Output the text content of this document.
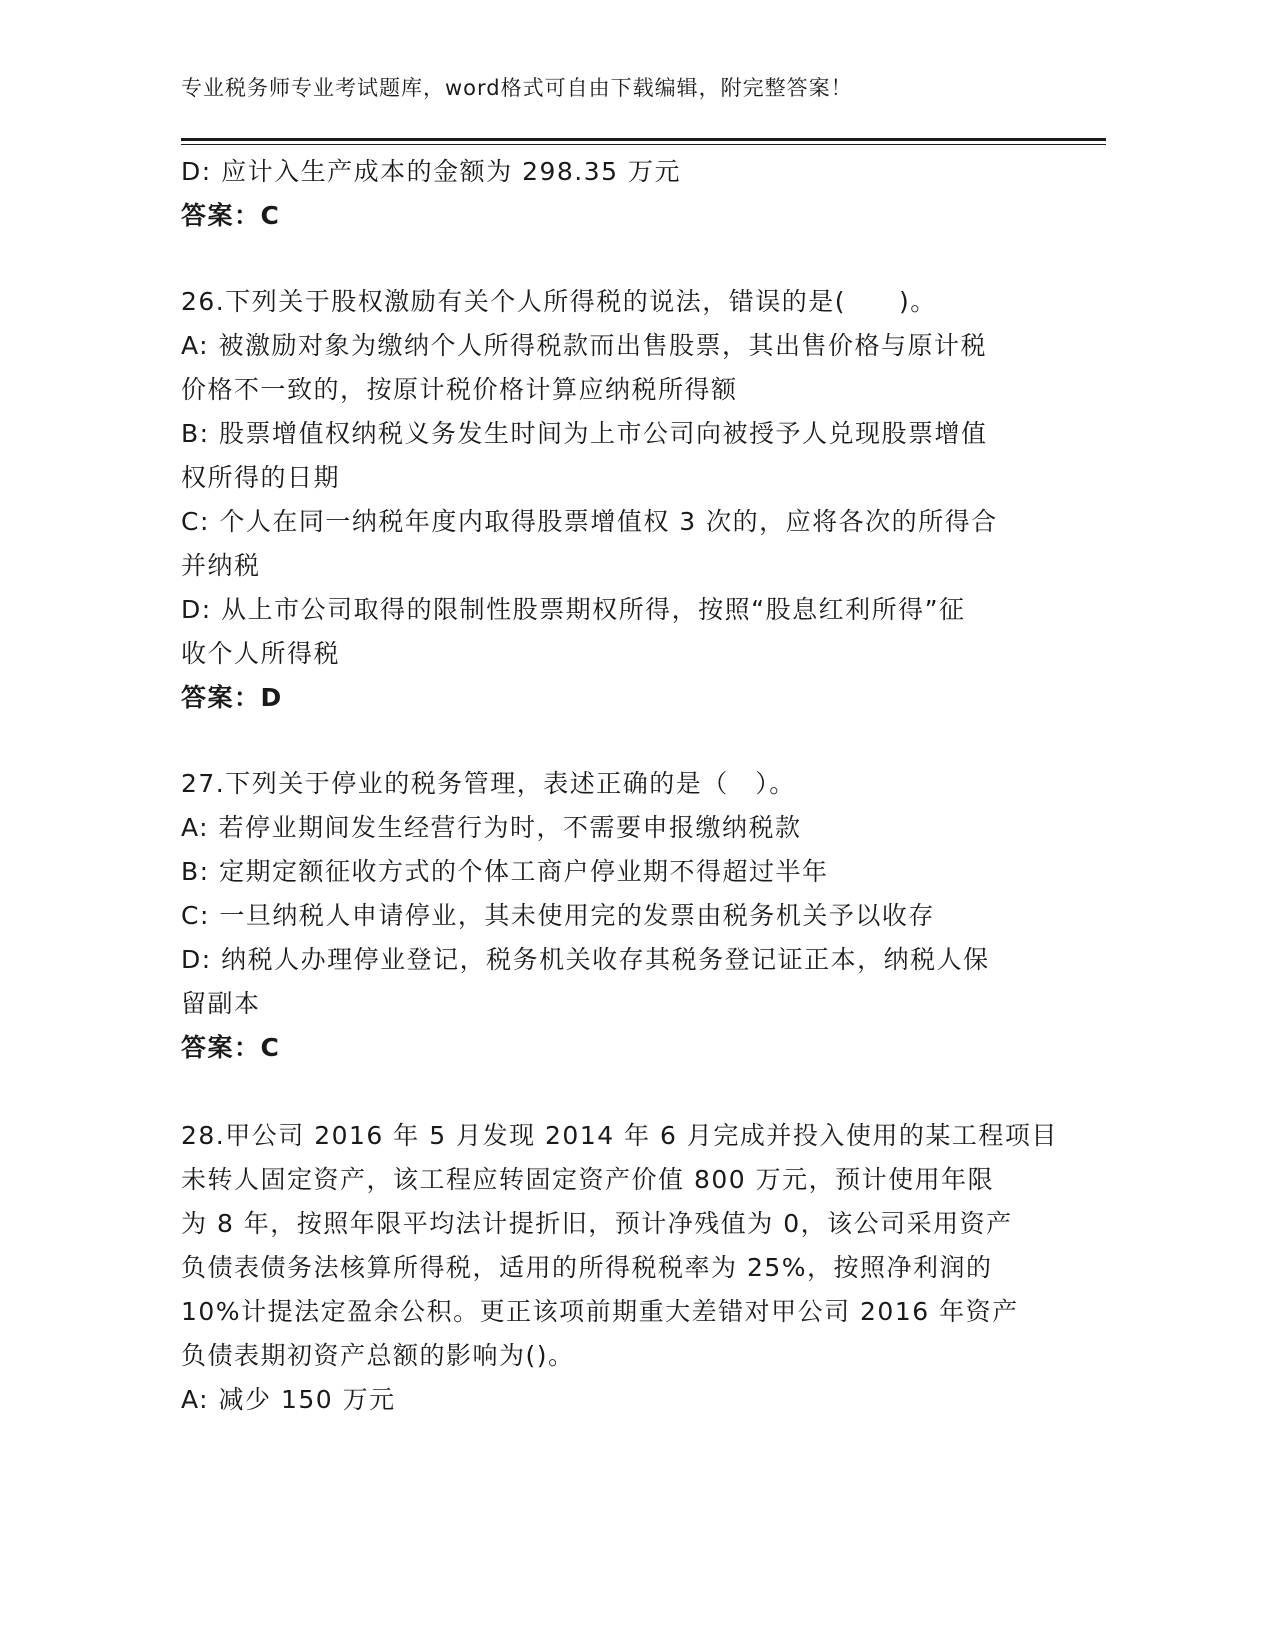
专业税务师专业考试题库，word格式可自由下载编辑，附完整答案！
D: 应计入生产成本的金额为 298.35 万元
答案：C
26.下列关于股权激励有关个人所得税的说法，错误的是(　　)。
A: 被激励对象为缴纳个人所得税款而出售股票，其出售价格与原计税
价格不一致的，按原计税价格计算应纳税所得额
B: 股票增值权纳税义务发生时间为上市公司向被授予人兑现股票增值
权所得的日期
C: 个人在同一纳税年度内取得股票增值权 3 次的，应将各次的所得合
并纳税
D: 从上市公司取得的限制性股票期权所得，按照“股息红利所得”征
收个人所得税
答案：D
27.下列关于停业的税务管理，表述正确的是（　）。
A: 若停业期间发生经营行为时，不需要申报缴纳税款
B: 定期定额征收方式的个体工商户停业期不得超过半年
C: 一旦纳税人申请停业，其未使用完的发票由税务机关予以收存
D: 纳税人办理停业登记，税务机关收存其税务登记证正本，纳税人保
留副本
答案：C
28.甲公司 2016 年 5 月发现 2014 年 6 月完成并投入使用的某工程项目
未转人固定资产，该工程应转固定资产价值 800 万元，预计使用年限
为 8 年，按照年限平均法计提折旧，预计净残值为 0，该公司采用资产
负债表债务法核算所得税，适用的所得税税率为 25%，按照净利润的
10%计提法定盈余公积。更正该项前期重大差错对甲公司 2016 年资产
负债表期初资产总额的影响为()。
A: 减少 150 万元
